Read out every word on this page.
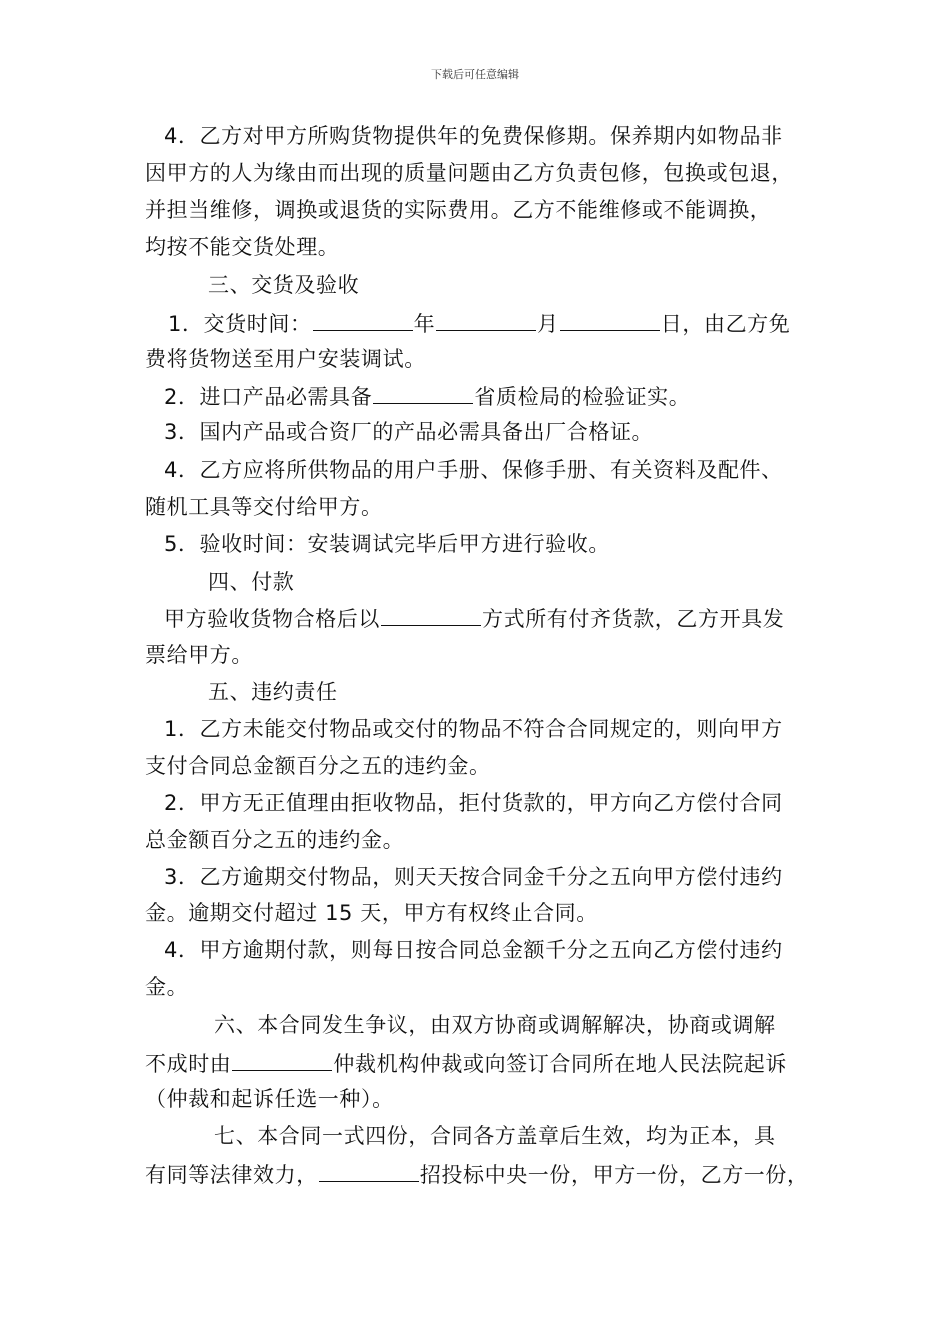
下载后可任意编辑
4．乙方对甲方所购货物提供年的免费保修期。保养期内如物品非
因甲方的人为缘由而出现的质量问题由乙方负责包修，包换或包退，
并担当维修，调换或退货的实际费用。乙方不能维修或不能调换，
均按不能交货处理。
三、交货及验收
1．交货时间：	年	月	日，由乙方免
费将货物送至用户安装调试。
2．进口产品必需具备	省质检局的检验证实。
3．国内产品或合资厂的产品必需具备出厂合格证。
4．乙方应将所供物品的用户手册、保修手册、有关资料及配件、
随机工具等交付给甲方。
5．验收时间：安装调试完毕后甲方进行验收。
四、付款
甲方验收货物合格后以	方式所有付齐货款，乙方开具发
票给甲方。
五、违约责任
1．乙方未能交付物品或交付的物品不符合合同规定的，则向甲方
支付合同总金额百分之五的违约金。
2．甲方无正值理由拒收物品，拒付货款的，甲方向乙方偿付合同
总金额百分之五的违约金。
3．乙方逾期交付物品，则天天按合同金千分之五向甲方偿付违约
金。逾期交付超过 15 天，甲方有权终止合同。
4．甲方逾期付款，则每日按合同总金额千分之五向乙方偿付违约
金。
六、本合同发生争议，由双方协商或调解解决，协商或调解
不成时由	仲裁机构仲裁或向签订合同所在地人民法院起诉
（仲裁和起诉任选一种）。
七、本合同一式四份，合同各方盖章后生效，均为正本，具
有同等法律效力，	招投标中央一份，甲方一份，乙方一份，
